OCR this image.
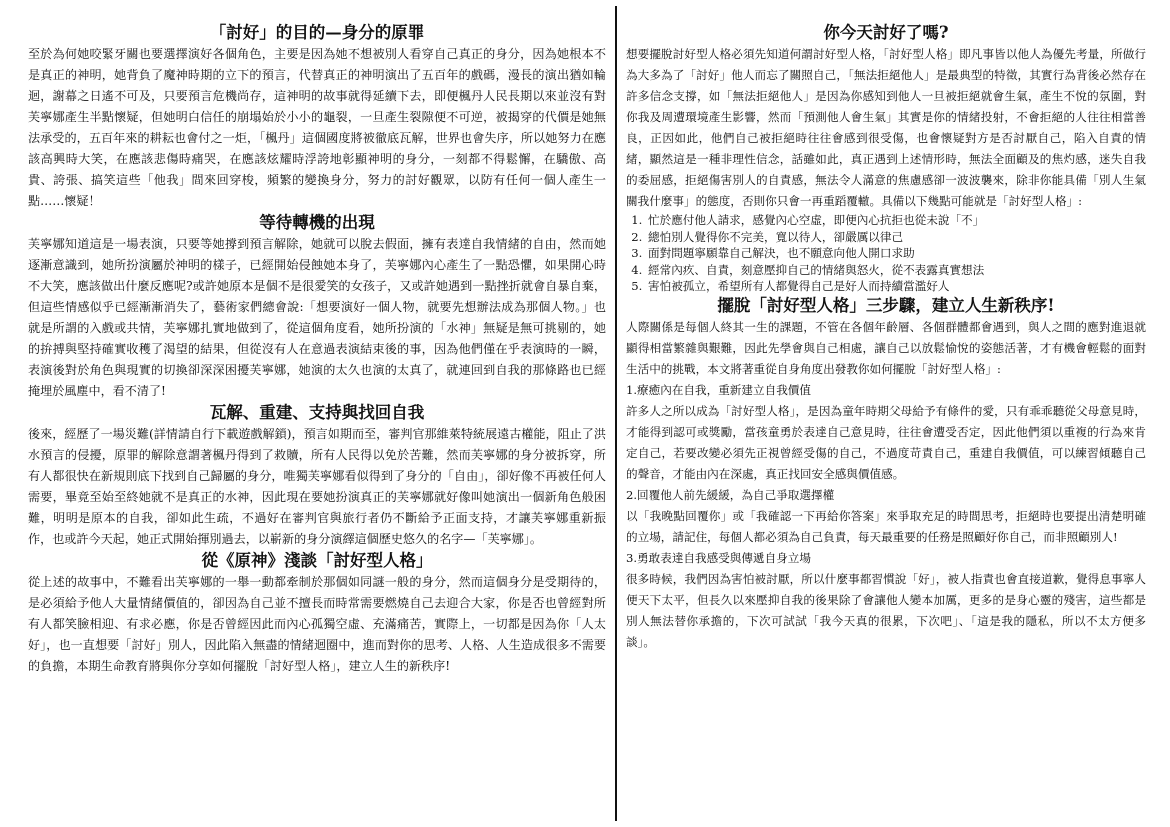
「討好」的目的—身分的原罪

至於為何她咬緊牙關也要選擇演好各個角色，主要是因為她不想被別人看穿自己真正的身分，因為她根本不是真正的神明，她背負了魔神時期的立下的預言，代替真正的神明演出了五百年的戲碼，漫長的演出猶如輪迴，謝幕之日遙不可及，只要預言危機尚存，這神明的故事就得延續下去，即便楓丹人民長期以來並沒有對芙寧娜產生半點懷疑，但她明白信任的崩塌始於小小的龜裂，一旦產生裂隙便不可逆，被揭穿的代價是她無法承受的，五百年來的耕耘也會付之一炬，「楓丹」這個國度將被徹底瓦解，世界也會失序，所以她努力在應該高興時大笑，在應該悲傷時痛哭，在應該炫耀時浮誇地彰顯神明的身分，一刻都不得鬆懈，在驕傲、高貴、誇張、搞笑這些「他我」間來回穿梭，頻繁的變換身分，努力的討好觀眾，以防有任何一個人產生一點……懷疑！

等待轉機的出現

芙寧娜知道這是一場表演，只要等她撐到預言解除，她就可以脫去假面，擁有表達自我情緒的自由，然而她逐漸意識到，她所扮演屬於神明的樣子，已經開始侵蝕她本身了，芙寧娜內心產生了一點恐懼，如果開心時不大笑，應該做出什麼反應呢?或許她原本是個不是很愛笑的女孩子，又或許她遇到一點挫折就會自暴自棄，但這些情感似乎已經漸漸消失了，藝術家們總會說:「想要演好一個人物，就要先想辦法成為那個人物。」也就是所謂的入戲或共情，芙寧娜扎實地做到了，從這個角度看，她所扮演的「水神」無疑是無可挑剔的，她的拚搏與堅持確實收穫了渴望的結果，但從沒有人在意過表演結束後的事，因為他們僅在乎表演時的一瞬，表演後對於角色與現實的切換卻深深困擾芙寧娜，她演的太久也演的太真了，就連回到自我的那條路也已經掩埋於風塵中，看不清了!

瓦解、重建、支持與找回自我

後來，經歷了一場災難(詳情請自行下載遊戲解鎖)，預言如期而至，審判官那維萊特統展遠古權能，阻止了洪水預言的侵擾，原罪的解除意謂著楓丹得到了救贖，所有人民得以免於苦難，然而芙寧娜的身分被拆穿，所有人都很快在新規則底下找到自己歸屬的身分，唯獨芙寧娜看似得到了身分的「自由」，卻好像不再被任何人需要，畢竟至始至終她就不是真正的水神，因此現在要她扮演真正的芙寧娜就好像叫她演出一個新角色般困難，明明是原本的自我，卻如此生疏，不過好在審判官與旅行者仍不斷給予正面支持，才讓芙寧娜重新振作，也或許今天起，她正式開始揮別過去，以嶄新的身分演繹這個歷史悠久的名字—「芙寧娜」。

從《原神》淺談「討好型人格」

從上述的故事中，不難看出芙寧娜的一舉一動都牽制於那個如同謎一般的身分，然而這個身分是受期待的，是必須給予他人大量情緒價值的，卻因為自己並不擅長而時常需要燃燒自己去迎合大家，你是否也曾經對所有人都笑臉相迎、有求必應，你是否曾經因此而內心孤獨空虛、充滿痛苦，實際上，一切都是因為你「人太好」，也一直想要「討好」別人，因此陷入無盡的情緒迴圈中，進而對你的思考、人格、人生造成很多不需要的負擔，本期生命教育將與你分享如何擺脫「討好型人格」，建立人生的新秩序!

你今天討好了嗎?

想要擺脫討好型人格必須先知道何謂討好型人格，「討好型人格」即凡事皆以他人為優先考量，所做行為大多為了「討好」他人而忘了關照自己，「無法拒絕他人」是最典型的特徵，其實行為背後必然存在許多信念支撐，如「無法拒絕他人」是因為你感知到他人一旦被拒絕就會生氣，產生不悅的氛圍，對你我及周遭環境產生影響，然而「預測他人會生氣」其實是你的情緒投射，不會拒絕的人往往相當善良，正因如此，他們自己被拒絕時往往會感到很受傷，也會懷疑對方是否討厭自己，陷入自責的情緒，顯然這是一種非理性信念，話雖如此，真正遇到上述情形時，無法全面顧及的焦灼感，迷失自我的委屈感，拒絕傷害別人的自責感，無法令人滿意的焦慮感卻一波波襲來，除非你能具備「別人生氣關我什麼事」的態度，否則你只會一再重蹈覆轍。具備以下幾點可能就是「討好型人格」:

1. 忙於應付他人請求，感覺內心空虛，即便內心抗拒也從未說「不」
2. 總怕別人覺得你不完美，寬以待人，卻嚴厲以律己
3. 面對問題寧願靠自己解決，也不願意向他人開口求助
4. 經常內疚、自責，刻意壓抑自己的情緒與怒火，從不表露真實想法
5. 害怕被孤立，希望所有人都覺得自己是好人而持續當濫好人
擺脫「討好型人格」三步驟，建立人生新秩序!

人際關係是每個人終其一生的課題，不管在各個年齡層、各個群體都會遇到，與人之間的應對進退就顯得相當繁雜與艱難，因此先學會與自己相處，讓自己以放鬆愉悅的姿態活著，才有機會輕鬆的面對生活中的挑戰，本文將著重從自身角度出發教你如何擺脫「討好型人格」:

1.療癒內在自我，重新建立自我價值

許多人之所以成為「討好型人格」，是因為童年時期父母給予有條件的愛，只有乖乖聽從父母意見時，才能得到認可或獎勵，當孩童勇於表達自己意見時，往往會遭受否定，因此他們須以重複的行為來肯定自己，若要改變必須先正視曾經受傷的自己，不過度苛責自己，重建自我價值，可以練習傾聽自己的聲音，才能由內在深處，真正找回安全感與價值感。

2.回覆他人前先緩緩，為自己爭取選擇權

以「我晚點回覆你」或「我確認一下再給你答案」來爭取充足的時間思考，拒絕時也要提出清楚明確的立場，請記住，每個人都必須為自己負責，每天最重要的任務是照顧好你自己，而非照顧別人!

3.勇敢表達自我感受與傳遞自身立場

很多時候，我們因為害怕被討厭，所以什麼事都習慣說「好」，被人指責也會直接道歉，覺得息事寧人便天下太平，但長久以來壓抑自我的後果除了會讓他人變本加厲，更多的是身心靈的殘害，這些都是別人無法替你承擔的，下次可試試「我今天真的很累，下次吧」、「這是我的隱私，所以不太方便多談」。
